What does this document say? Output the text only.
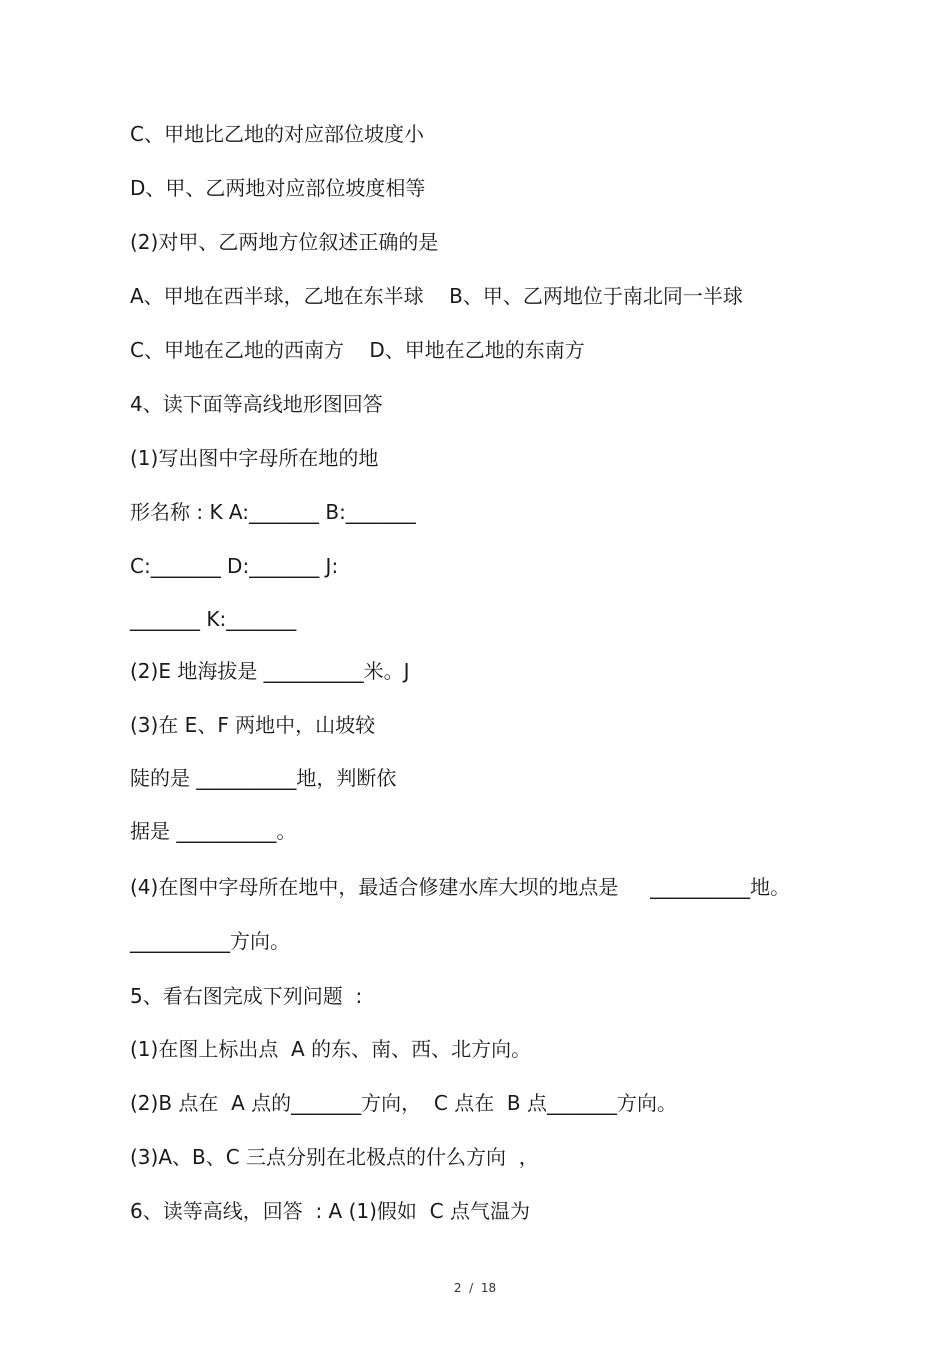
C、甲地比乙地的对应部位坡度小
D、甲、乙两地对应部位坡度相等
(2)对甲、乙两地方位叙述正确的是
A、甲地在西半球，乙地在东半球    B、甲、乙两地位于南北同一半球
C、甲地在乙地的西南方    D、甲地在乙地的东南方
4、读下面等高线地形图回答
(1)写出图中字母所在地的地
形名称 : K A:_______ B:_______
C:_______ D:_______ J:
_______ K:_______
(2)E 地海拔是 __________米。J
(3)在 E、F 两地中，山坡较
陡的是 __________地，判断依
据是 __________。
(4)在图中字母所在地中，最适合修建水库大坝的地点是     __________地。
__________方向。
5、看右图完成下列问题  :
(1)在图上标出点  A 的东、南、西、北方向。
(2)B 点在  A 点的_______方向，  C 点在  B 点_______方向。
(3)A、B、C 三点分别在北极点的什么方向  ，
6、读等高线，回答  : A (1)假如  C 点气温为
2  /  18
